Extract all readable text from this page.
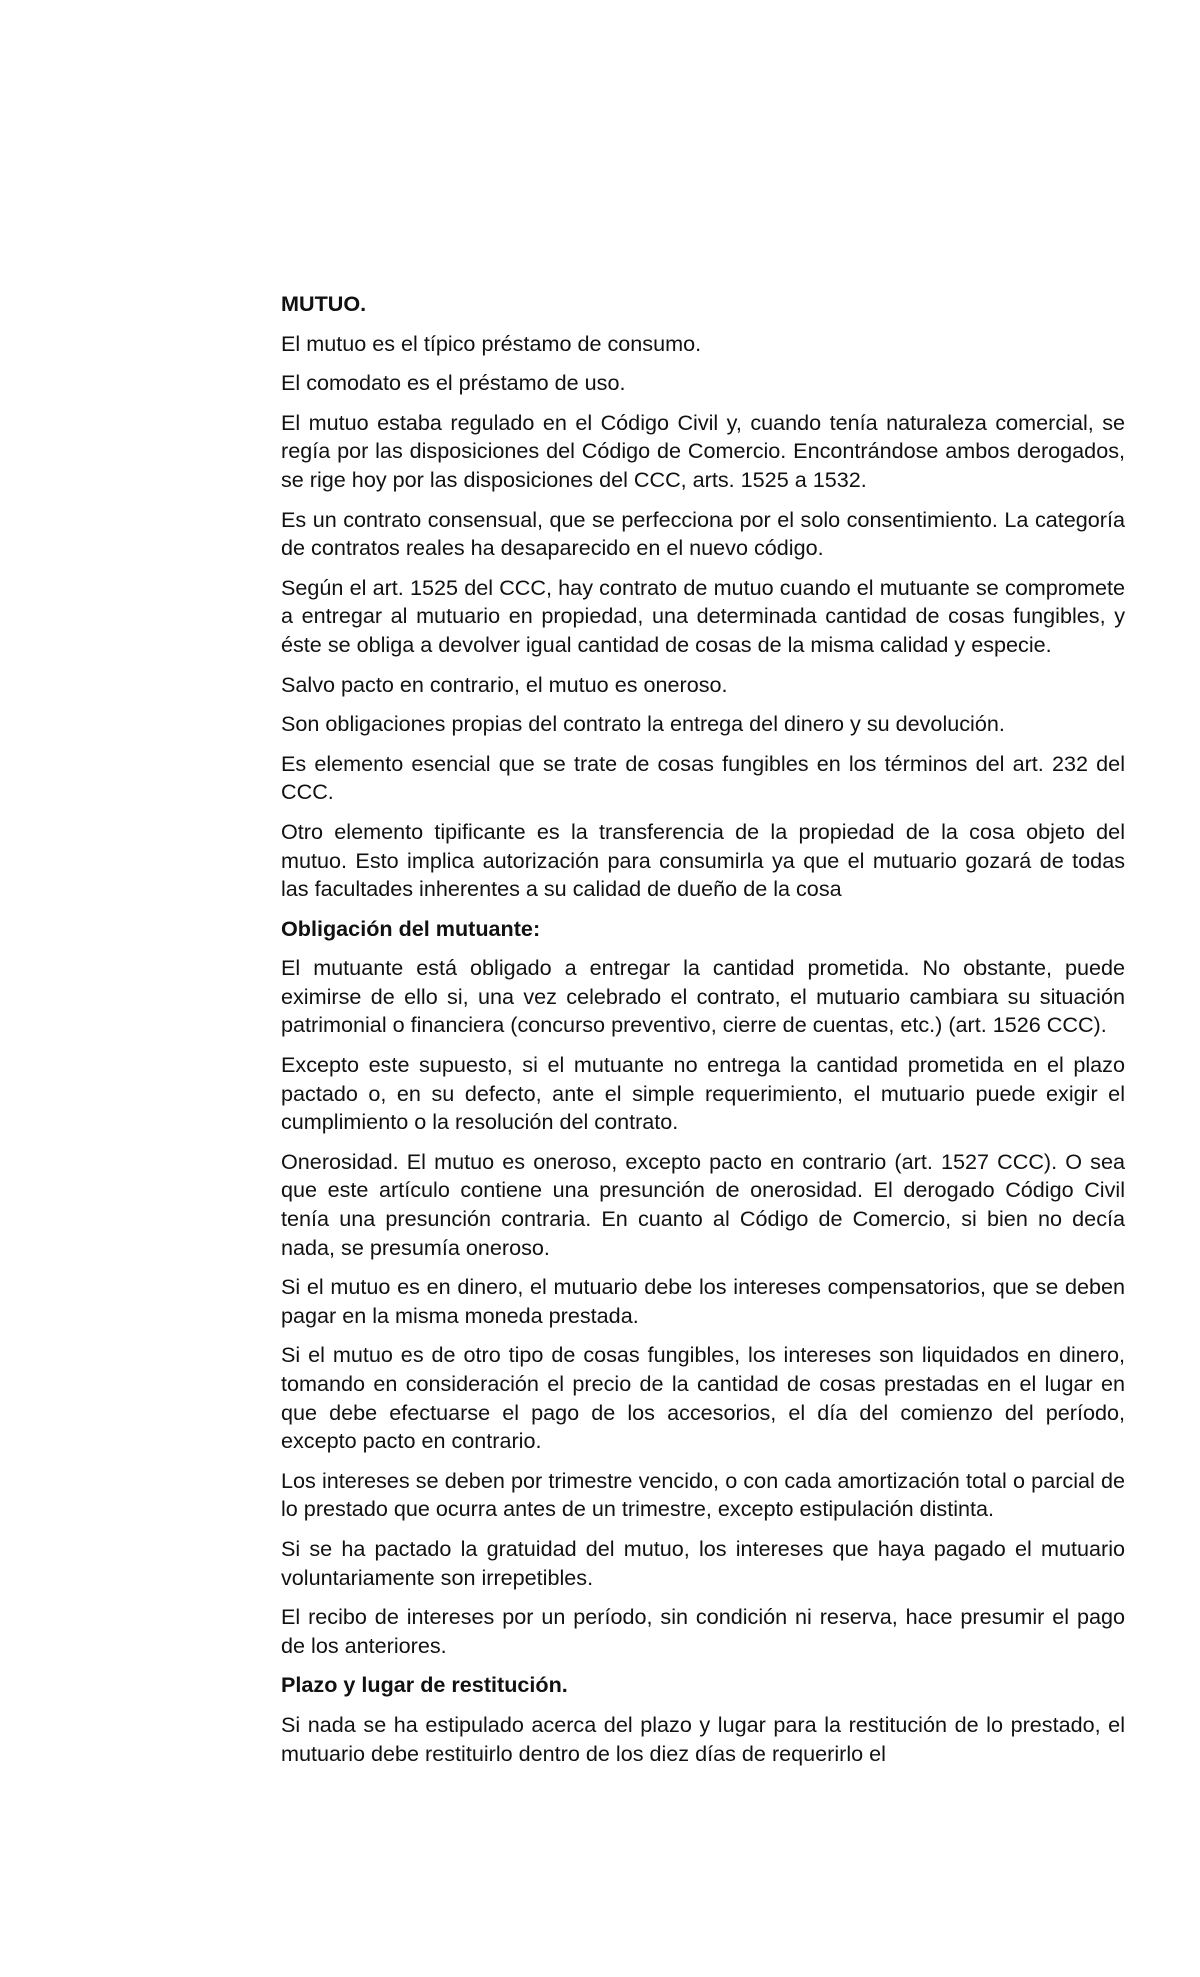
MUTUO.

El mutuo es el típico préstamo de consumo.

El comodato es el préstamo de uso.

El mutuo estaba regulado en el Código Civil y, cuando tenía naturaleza comercial, se regía por las disposiciones del Código de Comercio. Encontrándose ambos derogados, se rige hoy por las disposiciones del CCC, arts. 1525 a 1532.

Es un contrato consensual, que se perfecciona por el solo consentimiento. La categoría de contratos reales ha desaparecido en el nuevo código.

Según el art. 1525 del CCC, hay contrato de mutuo cuando el mutuante se compromete a entregar al mutuario en propiedad, una determinada cantidad de cosas fungibles, y éste se obliga a devolver igual cantidad de cosas de la misma calidad y especie.

Salvo pacto en contrario, el mutuo es oneroso.

Son obligaciones propias del contrato la entrega del dinero y su devolución.

Es elemento esencial que se trate de cosas fungibles en los términos del art. 232 del CCC.

Otro elemento tipificante es la transferencia de la propiedad de la cosa objeto del mutuo. Esto implica autorización para consumirla ya que el mutuario gozará de todas las facultades inherentes a su calidad de dueño de la cosa

Obligación del mutuante:

El mutuante está obligado a entregar la cantidad prometida. No obstante, puede eximirse de ello si, una vez celebrado el contrato, el mutuario cambiara su situación patrimonial o financiera (concurso preventivo, cierre de cuentas, etc.) (art. 1526 CCC).

Excepto este supuesto, si el mutuante no entrega la cantidad prometida en el plazo pactado o, en su defecto, ante el simple requerimiento, el mutuario puede exigir el cumplimiento o la resolución del contrato.

Onerosidad. El mutuo es oneroso, excepto pacto en contrario (art. 1527 CCC). O sea que este artículo contiene una presunción de onerosidad. El derogado Código Civil tenía una presunción contraria. En cuanto al Código de Comercio, si bien no decía nada, se presumía oneroso.

Si el mutuo es en dinero, el mutuario debe los intereses compensatorios, que se deben pagar en la misma moneda prestada.

Si el mutuo es de otro tipo de cosas fungibles, los intereses son liquidados en dinero, tomando en consideración el precio de la cantidad de cosas prestadas en el lugar en que debe efectuarse el pago de los accesorios, el día del comienzo del período, excepto pacto en contrario.

Los intereses se deben por trimestre vencido, o con cada amortización total o parcial de lo prestado que ocurra antes de un trimestre, excepto estipulación distinta.

Si se ha pactado la gratuidad del mutuo, los intereses que haya pagado el mutuario voluntariamente son irrepetibles.

El recibo de intereses por un período, sin condición ni reserva, hace presumir el pago de los anteriores.

Plazo y lugar de restitución.

Si nada se ha estipulado acerca del plazo y lugar para la restitución de lo prestado, el mutuario debe restituirlo dentro de los diez días de requerirlo el
